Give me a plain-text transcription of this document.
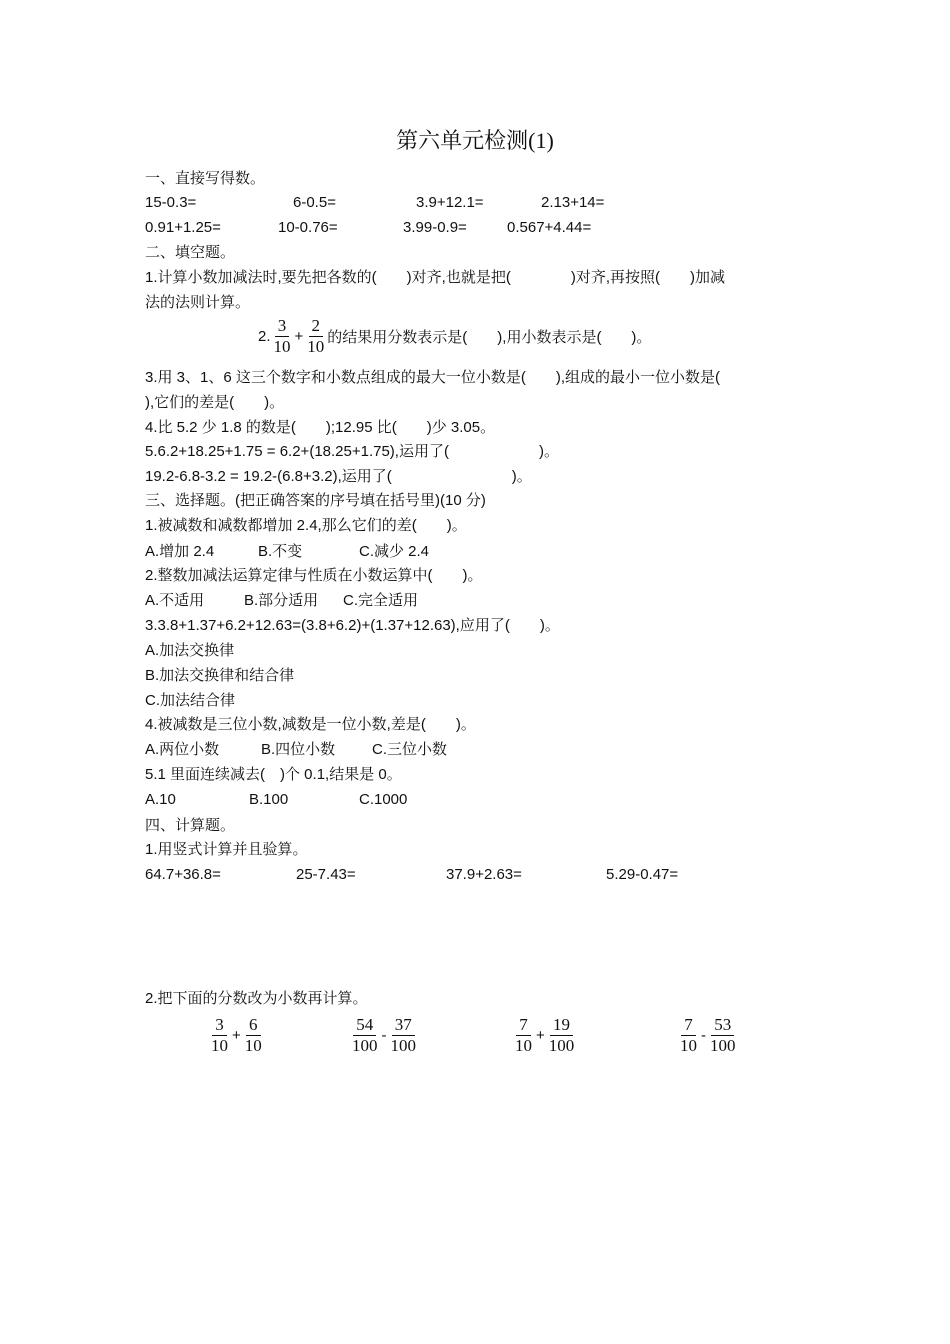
第六单元检测(1)
一、直接写得数。
15-0.3=	6-0.5=	3.9+12.1=	2.13+14=
0.91+1.25=	10-0.76=	3.99-0.9=	0.567+4.44=
二、填空题。
1.计算小数加减法时,要先把各数的(　　)对齐,也就是把(　　　　)对齐,再按照(　　)加减
法的法则计算。
2. $\frac{3}{10} + \frac{2}{10}$ 的结果用分数表示是(　　),用小数表示是(　　)。
3.用 3、1、6 这三个数字和小数点组成的最大一位小数是(　　),组成的最小一位小数是(
),它们的差是(　　)。
4.比 5.2 少 1.8 的数是(　　);12.95 比(　　)少 3.05。
5.6.2+18.25+1.75 = 6.2+(18.25+1.75),运用了(　　　　　　)。
19.2-6.8-3.2 = 19.2-(6.8+3.2),运用了(　　　　　　　　)。
三、选择题。(把正确答案的序号填在括号里)(10 分)
1.被减数和减数都增加 2.4,那么它们的差(　　)。
A.增加 2.4	B.不变	C.减少 2.4
2.整数加减法运算定律与性质在小数运算中(　　)。
A.不适用	B.部分适用 C.完全适用
3.3.8+1.37+6.2+12.63=(3.8+6.2)+(1.37+12.63),应用了(　　)。
A.加法交换律
B.加法交换律和结合律
C.加法结合律
4.被减数是三位小数,减数是一位小数,差是(　　)。
A.两位小数	B.四位小数 C.三位小数
5.1 里面连续减去(　)个 0.1,结果是 0。
A.10	B.100	C.1000
四、计算题。
1.用竖式计算并且验算。
64.7+36.8=	25-7.43=	37.9+2.63=	5.29-0.47=
2.把下面的分数改为小数再计算。
$\frac{3}{10} + \frac{6}{10}$	$\frac{54}{100} - \frac{37}{100}$	$\frac{7}{10} + \frac{19}{100}$	$\frac{7}{10} - \frac{53}{100}$
